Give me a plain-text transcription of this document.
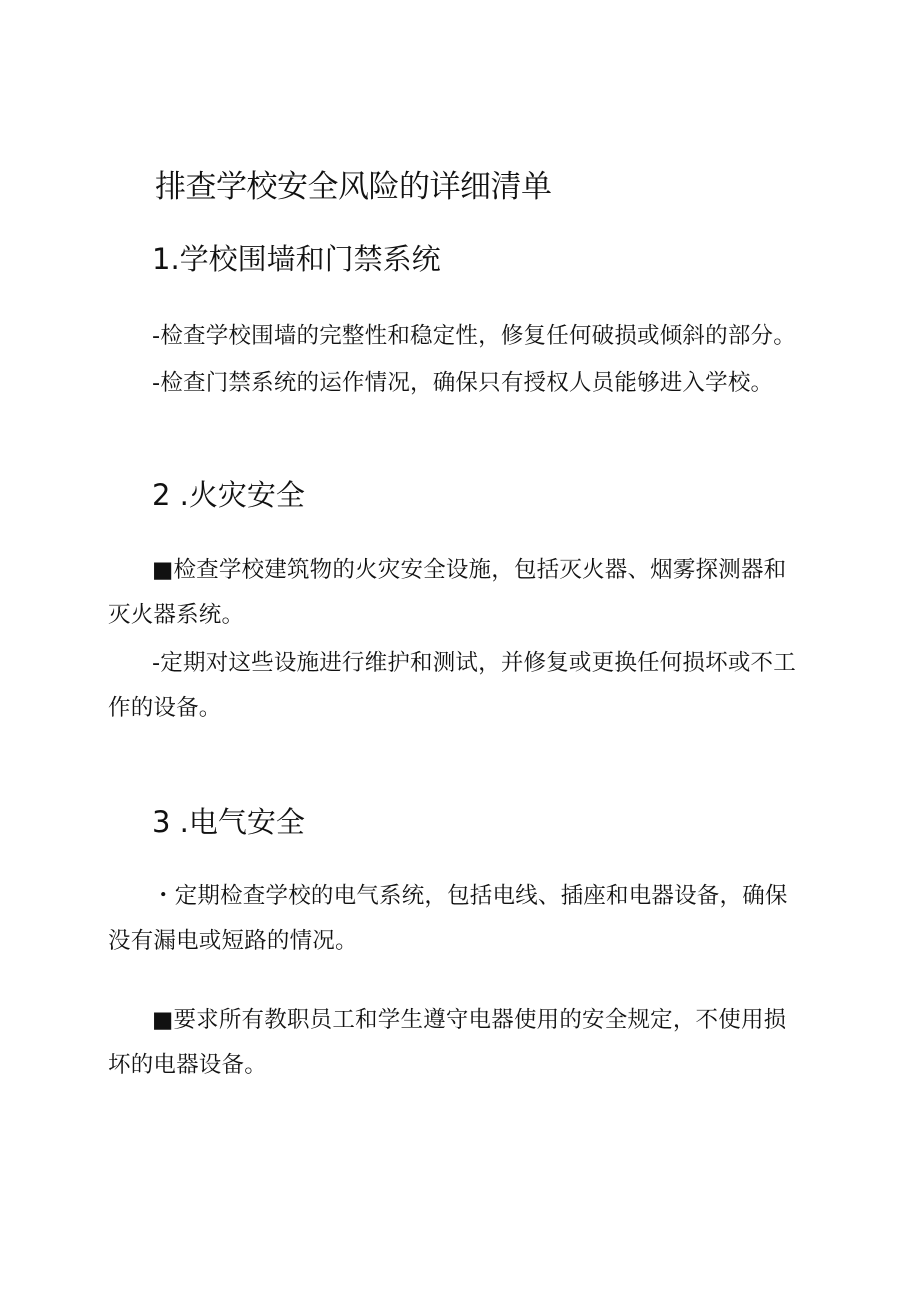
排查学校安全风险的详细清单
1.学校围墙和门禁系统

-检查学校围墙的完整性和稳定性，修复任何破损或倾斜的部分。

-检查门禁系统的运作情况，确保只有授权人员能够进入学校。

2 .火灾安全

■检查学校建筑物的火灾安全设施，包括灭火器、烟雾探测器和灭火器系统。

-定期对这些设施进行维护和测试，并修复或更换任何损坏或不工作的设备。

3 .电气安全

・定期检查学校的电气系统，包括电线、插座和电器设备，确保没有漏电或短路的情况。

■要求所有教职员工和学生遵守电器使用的安全规定，不使用损坏的电器设备。
